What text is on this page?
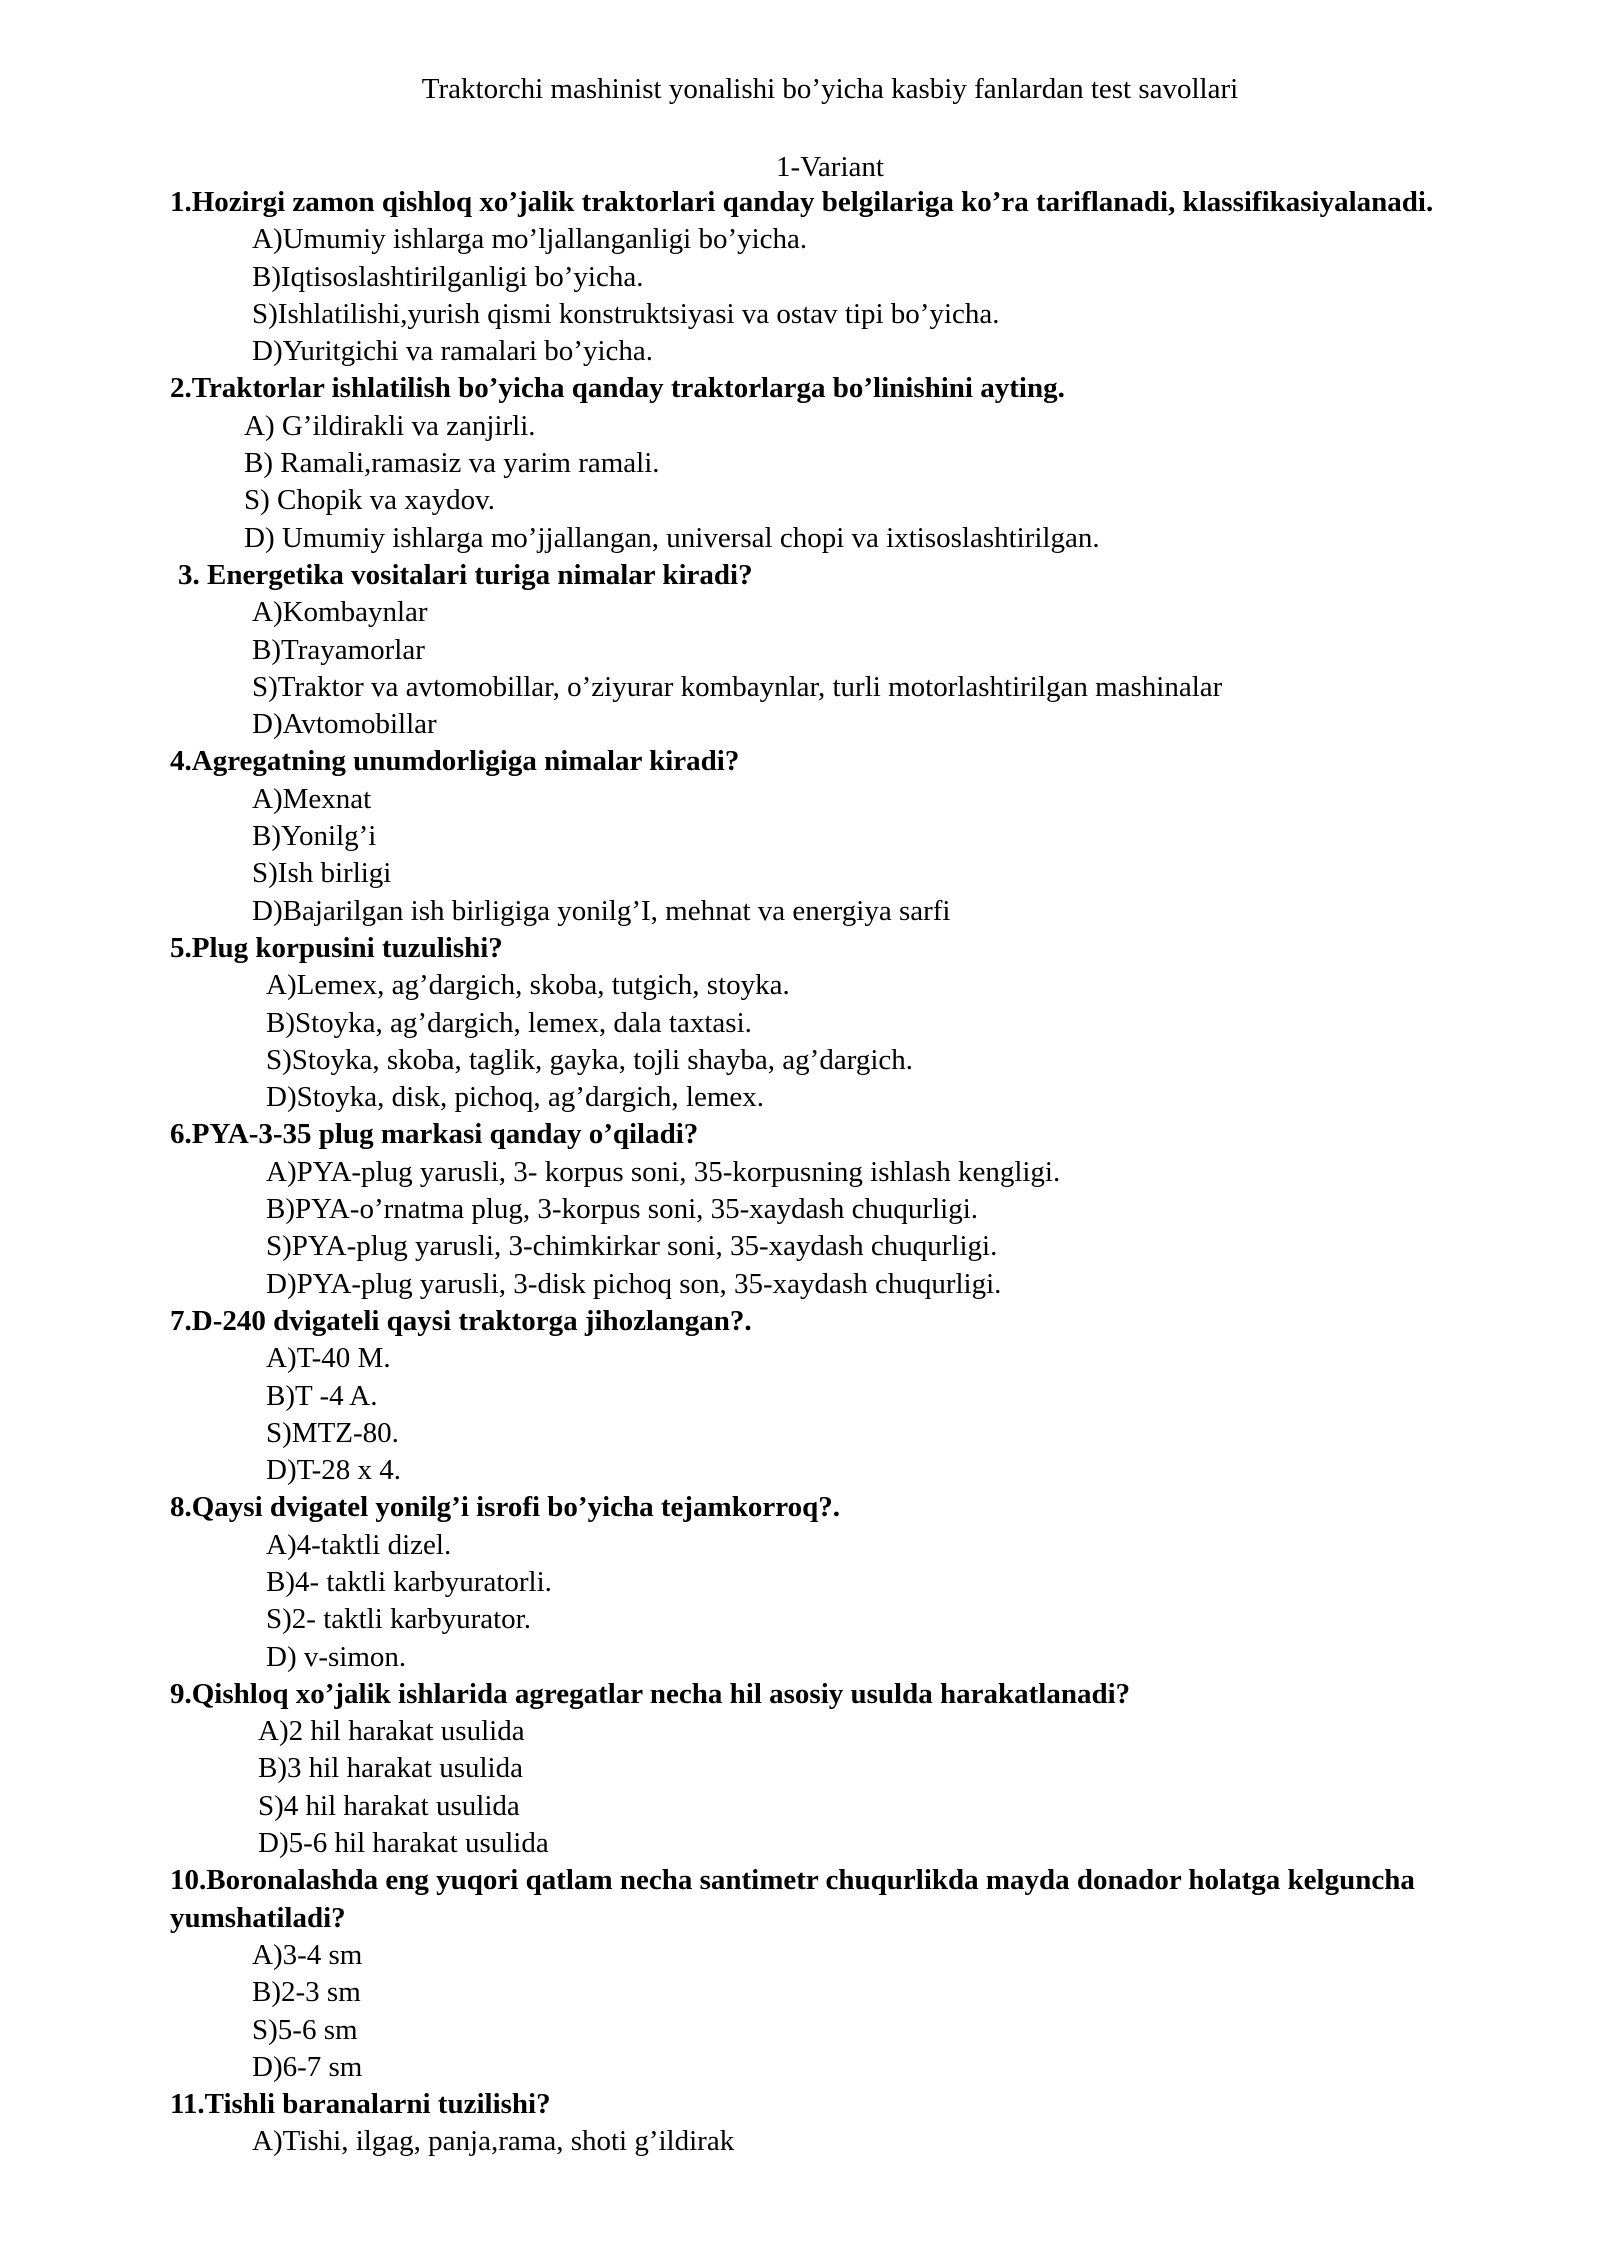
Traktorchi mashinist yonalishi bo’yicha kasbiy fanlardan test savollari
1-Variant

1.Hozirgi zamon qishloq xo’jalik traktorlari qanday belgilariga ko’ra tariflanadi, klassifikasiyalanadi.

A)Umumiy ishlarga mo’ljallanganligi bo’yicha.

B)Iqtisoslashtirilganligi bo’yicha.

S)Ishlatilishi,yurish qismi konstruktsiyasi va ostav tipi bo’yicha.

D)Yuritgichi va ramalari bo’yicha.

2.Traktorlar ishlatilish bo’yicha qanday traktorlarga bo’linishini ayting.

A) G’ildirakli va zanjirli.

B) Ramali,ramasiz va yarim ramali.

S) Chopik va xaydov.

D) Umumiy ishlarga mo’jjallangan, universal chopi va ixtisoslashtirilgan.

3. Energetika vositalari turiga nimalar kiradi?

A)Kombaynlar

B)Trayamorlar

S)Traktor va avtomobillar, o’ziyurar kombaynlar, turli motorlashtirilgan mashinalar

D)Avtomobillar

4.Agregatning unumdorligiga nimalar kiradi?

A)Mexnat

B)Yonilg’i

S)Ish birligi

D)Bajarilgan ish birligiga yonilg’I, mehnat va energiya sarfi

5.Plug korpusini tuzulishi?

A)Lemex, ag’dargich, skoba, tutgich, stoyka.

B)Stoyka, ag’dargich, lemex, dala taxtasi.

S)Stoyka, skoba, taglik, gayka, tojli shayba, ag’dargich.

D)Stoyka, disk, pichoq, ag’dargich, lemex.

6.PYA-3-35 plug markasi qanday o’qiladi?

A)PYA-plug yarusli, 3- korpus soni, 35-korpusning ishlash kengligi.

B)PYA-o’rnatma plug, 3-korpus soni, 35-xaydash chuqurligi.

S)PYA-plug yarusli, 3-chimkirkar soni, 35-xaydash chuqurligi.

D)PYA-plug yarusli, 3-disk pichoq son, 35-xaydash chuqurligi.

7.D-240 dvigateli qaysi traktorga jihozlangan?.

A)T-40 M.

B)T -4 A.

S)MTZ-80.

D)T-28 x 4.

8.Qaysi dvigatel yonilg’i isrofi bo’yicha tejamkorroq?.

A)4-taktli dizel.

B)4- taktli karbyuratorli.

S)2- taktli karbyurator.

D) v-simon.

9.Qishloq xo’jalik ishlarida agregatlar necha hil asosiy usulda harakatlanadi?

A)2 hil harakat usulida

B)3 hil harakat usulida

S)4 hil harakat usulida

D)5-6 hil harakat usulida

10.Boronalashda eng yuqori qatlam necha santimetr chuqurlikda mayda donador holatga kelguncha yumshatiladi?

A)3-4 sm

B)2-3 sm

S)5-6 sm

D)6-7 sm

11.Tishli baranalarni tuzilishi?

A)Tishi, ilgag, panja,rama, shoti g’ildirak
